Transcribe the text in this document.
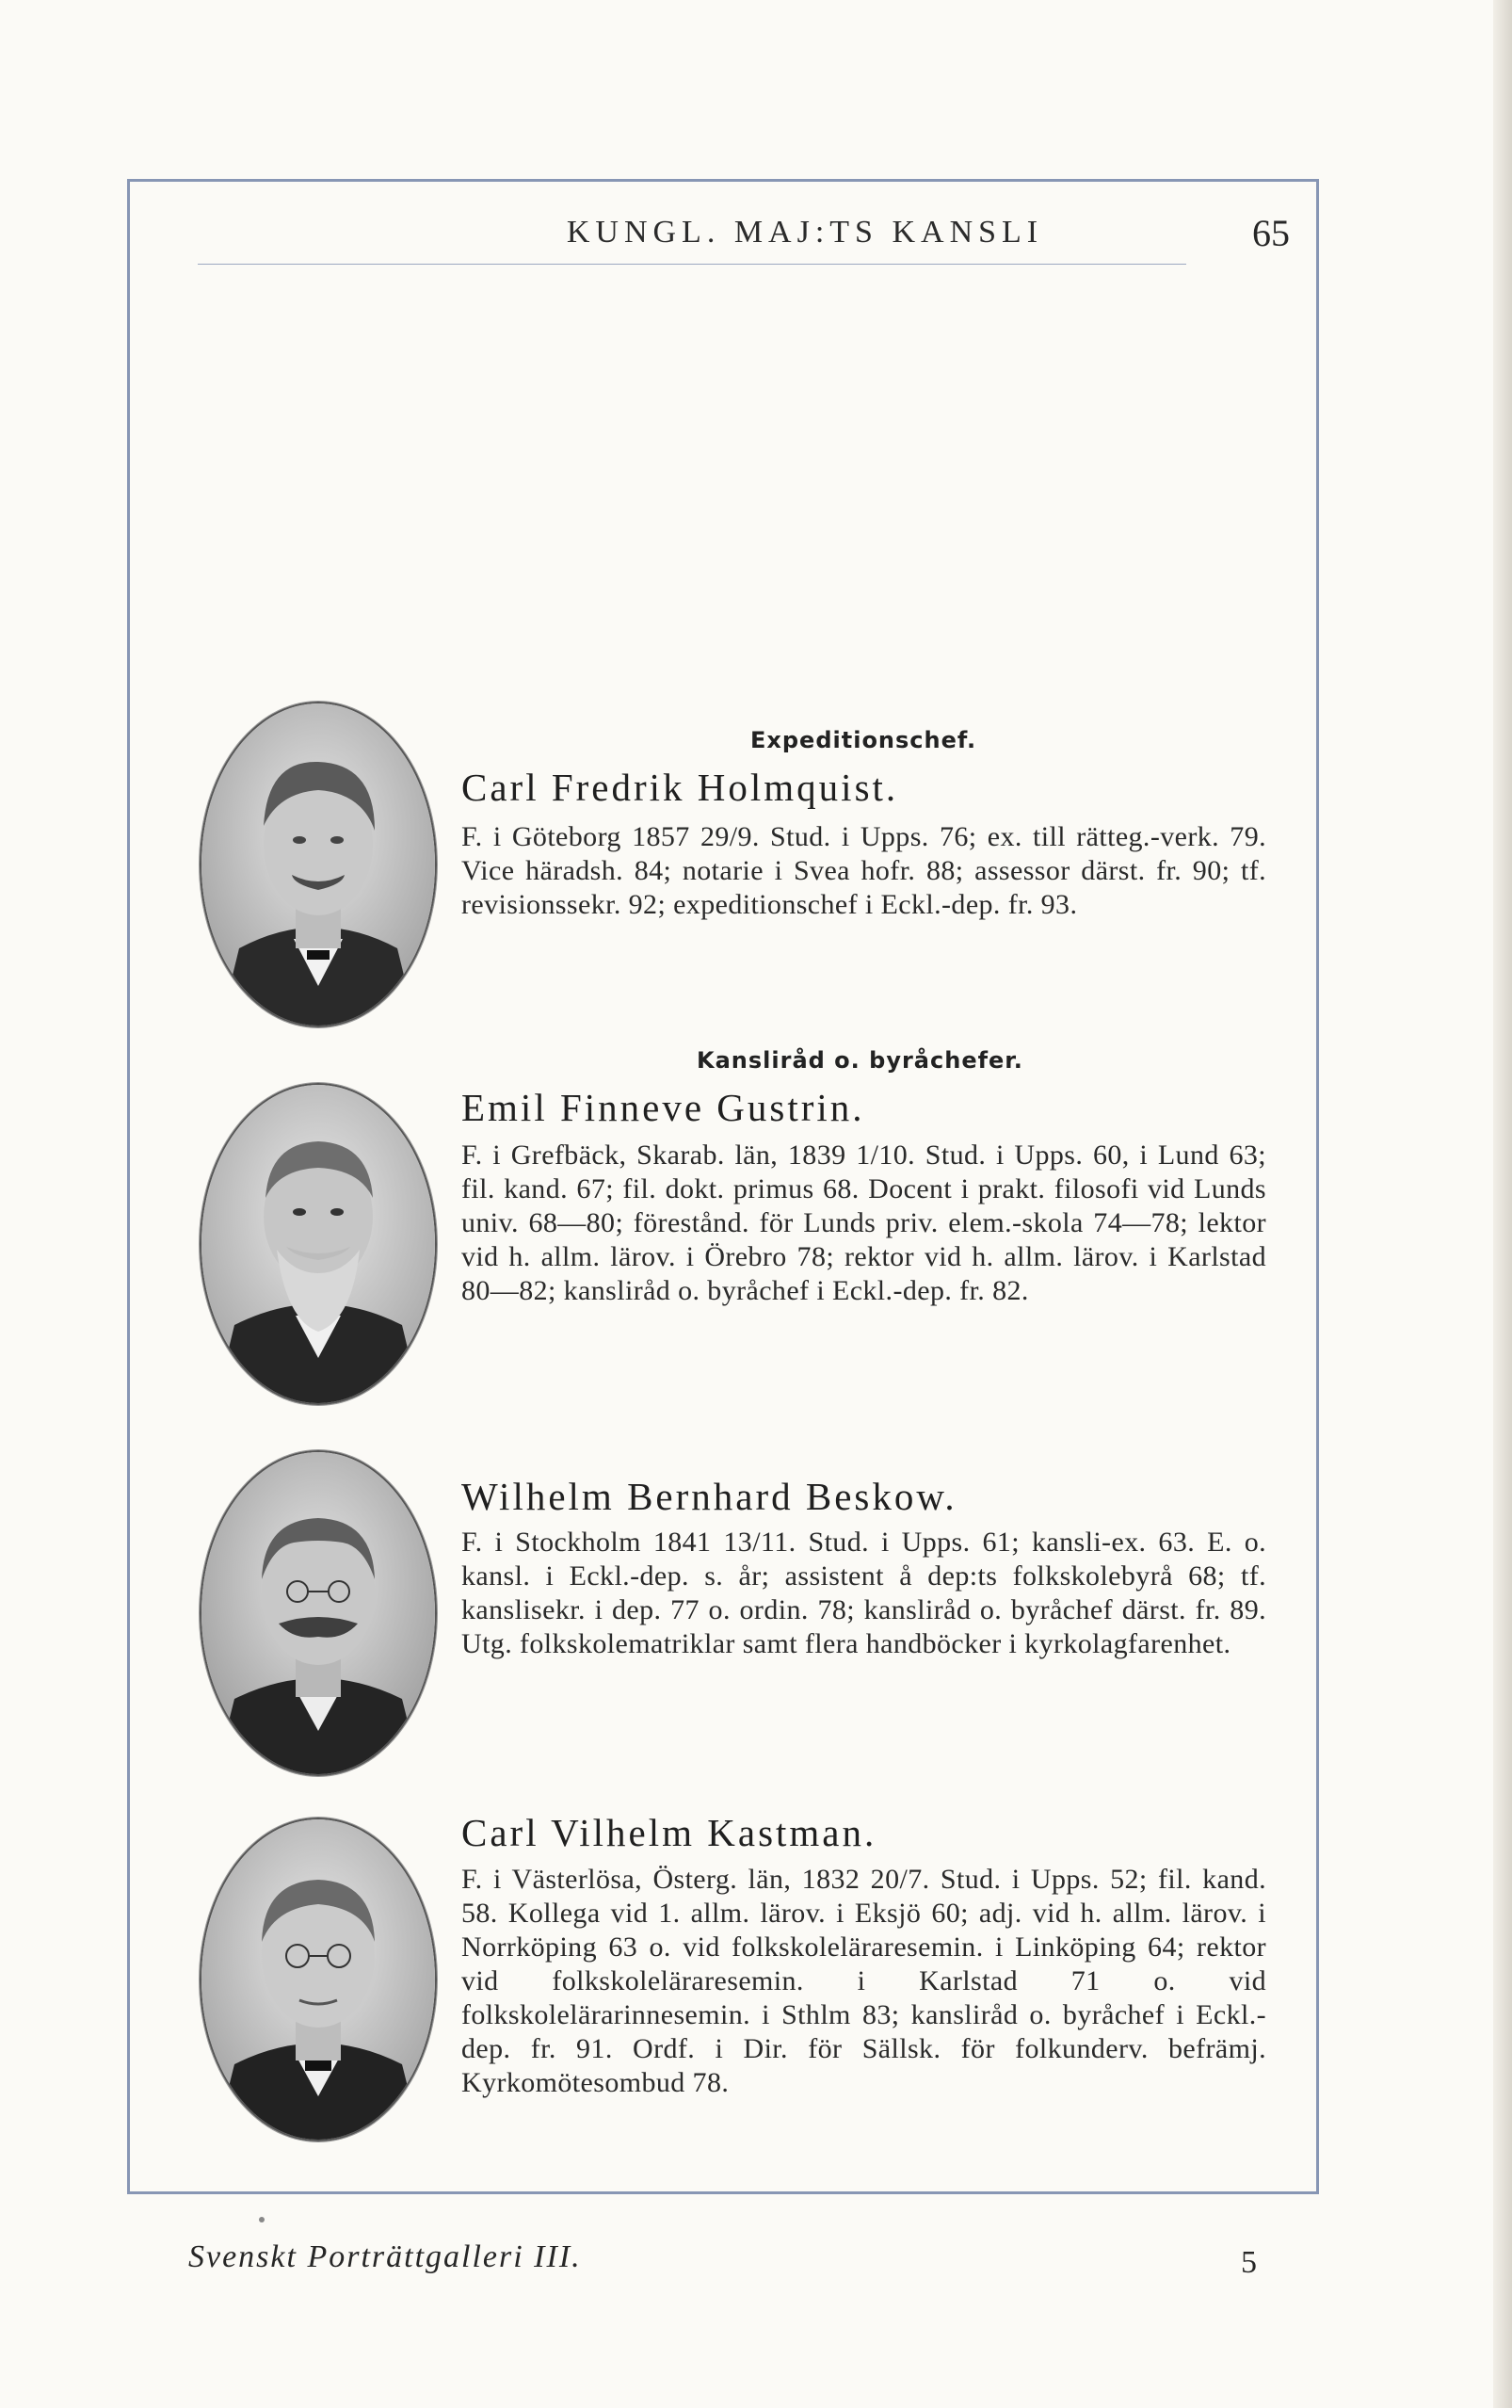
KUNGL. MAJ:TS KANSLI	65
Expeditionschef.
Carl Fredrik Holmquist.
F. i Göteborg 1857 29/9. Stud. i Upps. 76; ex. till rätteg.-verk. 79. Vice häradsh. 84; notarie i Svea hofr. 88; assessor därst. fr. 90; tf. revisionssekr. 92; expeditionschef i Eckl.-dep. fr. 93.
Kansliråd o. byråchefer.
Emil Finneve Gustrin.
F. i Grefbäck, Skarab. län, 1839 1/10. Stud. i Upps. 60, i Lund 63; fil. kand. 67; fil. dokt. primus 68. Docent i prakt. filosofi vid Lunds univ. 68—80; förestånd. för Lunds priv. elem.-skola 74—78; lektor vid h. allm. lärov. i Örebro 78; rektor vid h. allm. lärov. i Karlstad 80—82; kansliråd o. byråchef i Eckl.-dep. fr. 82.
Wilhelm Bernhard Beskow.
F. i Stockholm 1841 13/11. Stud. i Upps. 61; kansli-ex. 63. E. o. kansl. i Eckl.-dep. s. år; assistent å dep:ts folkskolebyrå 68; tf. kanslisekr. i dep. 77 o. ordin. 78; kansliråd o. byråchef därst. fr. 89. Utg. folkskolematriklar samt flera handböcker i kyrkolagfarenhet.
Carl Vilhelm Kastman.
F. i Västerlösa, Österg. län, 1832 20/7. Stud. i Upps. 52; fil. kand. 58. Kollega vid 1. allm. lärov. i Eksjö 60; adj. vid h. allm. lärov. i Norrköping 63 o. vid folkskoleläraresemin. i Linköping 64; rektor vid folkskoleläraresemin. i Karlstad 71 o. vid folkskolelärarinnesemin. i Sthlm 83; kansliråd o. byråchef i Eckl.-dep. fr. 91. Ordf. i Dir. för Sällsk. för folkunderv. befrämj. Kyrkomötesombud 78.
Svenskt Porträttgalleri III.	5
